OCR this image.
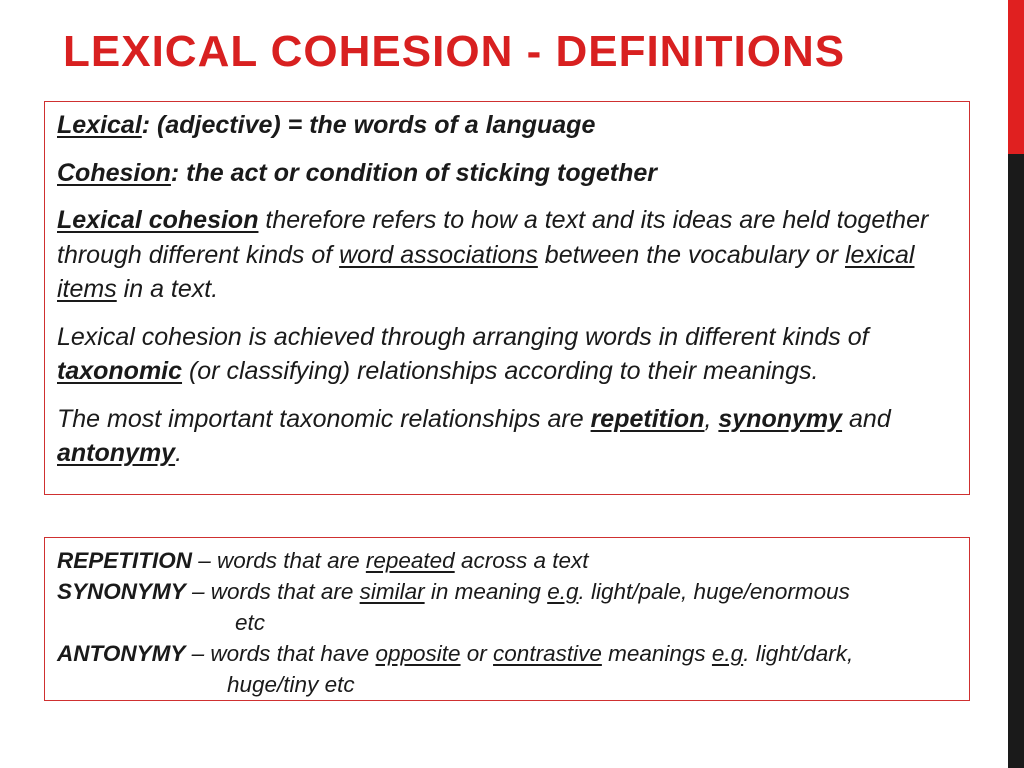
LEXICAL COHESION - DEFINITIONS

Lexical: (adjective) = the words of a language

Cohesion: the act or condition of sticking together

Lexical cohesion therefore refers to how a text and its ideas are held together through different kinds of word associations between the vocabulary or lexical items in a text.

Lexical cohesion is achieved through arranging words in different kinds of taxonomic (or classifying) relationships according to their meanings.

The most important taxonomic relationships are repetition, synonymy and antonymy.

REPETITION – words that are repeated across a text

SYNONYMY – words that are similar in meaning e.g. light/pale, huge/enormous

etc

ANTONYMY – words that have opposite or contrastive meanings e.g. light/dark,

huge/tiny etc
